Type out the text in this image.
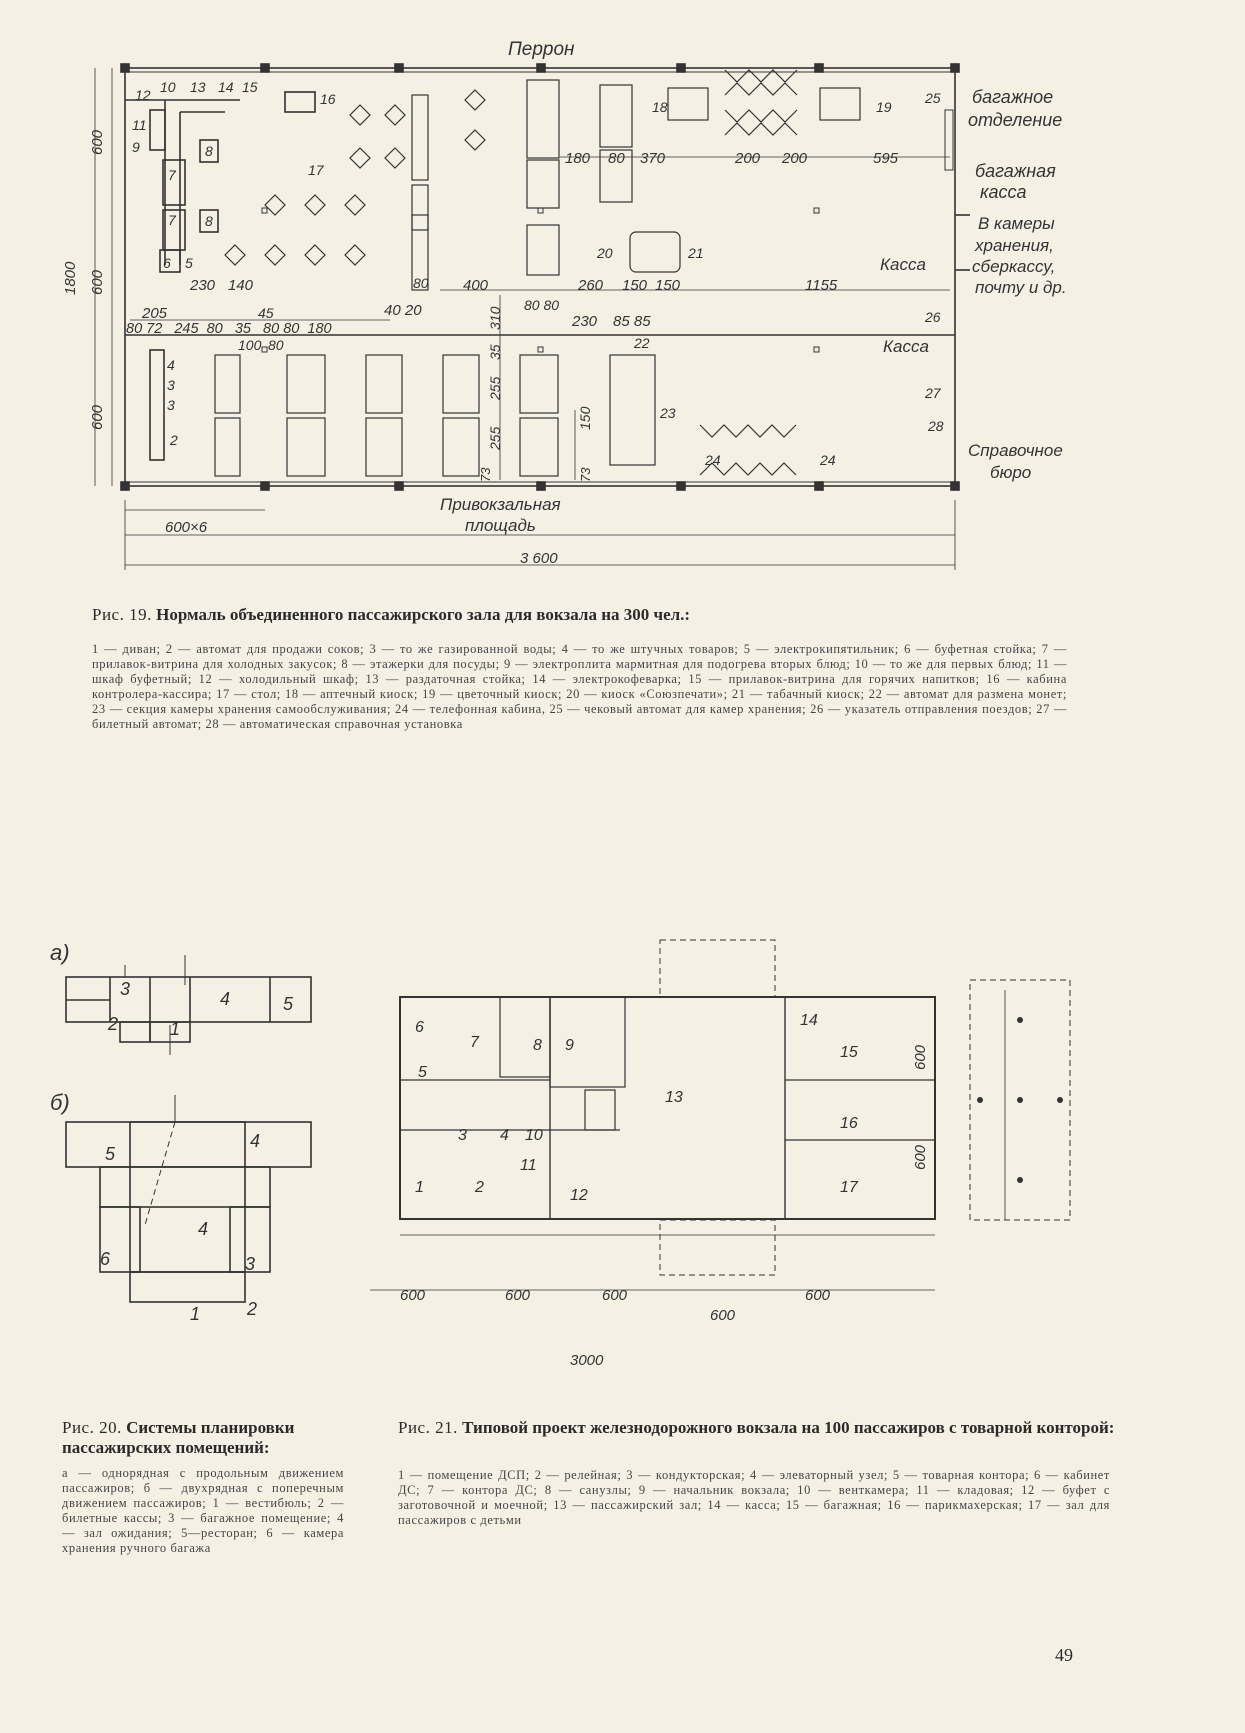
Перрон
багажное
отделение
багажная
касса
В камеры
хранения,
сберкассу,
почту и др.
Касса
Касса
Справочное
бюро
Привокзальная
площадь
600×6
3 600
180 80 370	200 200	595
400	260 150 150	1155
230 140
205
80 72   245  80   35   80 80  180
45
100 80
40 20
80
80 80
230 85 85
73	73
310
35
255
255
150
1800
600
600
600
12 10 13 14 15
16
11
9	8
7
7 8
6 5
4
3
3
2
17
18	19
20	21
22
23
24	24
25
26
27
28
Рис. 19. Нормаль объединенного пассажирского зала для вокзала на 300 чел.:
1 — диван; 2 — автомат для продажи соков; 3 — то же газированной воды; 4 — то же штучных товаров; 5 — электрокипятильник; 6 — буфетная стойка; 7 — прилавок-витрина для холодных закусок; 8 — этажерки для посуды; 9 — электроплита мармитная для подогрева вторых блюд; 10 — то же для первых блюд; 11 — шкаф буфетный; 12 — холодильный шкаф; 13 — раздаточная стойка; 14 — электрокофеварка; 15 — прилавок-витрина для горячих напитков; 16 — кабина контролера-кассира; 17 — стол; 18 — аптечный киоск; 19 — цветочный киоск; 20 — киоск «Союзпечати»; 21 — табачный киоск; 22 — автомат для размена монет; 23 — секция камеры хранения самообслуживания; 24 — телефонная кабина, 25 — чековый автомат для камер хранения; 26 — указатель отправления поездов; 27 — билетный автомат; 28 — автоматическая справочная установка
а)
б)
3	4	5
2	1
4
5
4
3
6
1	2
Рис. 20. Системы планировки пассажирских помещений:
а — однорядная с продольным движением пассажиров; б — двухрядная с поперечным движением пассажиров; 1 — вестибюль; 2 — билетные кассы; 3 — багажное помещение; 4 — зал ожидания; 5—ресторан; 6 — камера хранения ручного багажа
6
7	8 9
5
13
14
15
16
3 4 10
1	2
11
12	17
600	600	600
600
600
600
600
3000
Рис. 21. Типовой проект железнодорожного вокзала на 100 пассажиров с товарной конторой:
1 — помещение ДСП; 2 — релейная; 3 — кондукторская; 4 — элеваторный узел; 5 — товарная контора; 6 — кабинет ДС; 7 — контора ДС; 8 — санузлы; 9 — начальник вокзала; 10 — венткамера; 11 — кладовая; 12 — буфет с заготовочной и моечной; 13 — пассажирский зал; 14 — касса; 15 — багажная; 16 — парикмахерская; 17 — зал для пассажиров с детьми
49
